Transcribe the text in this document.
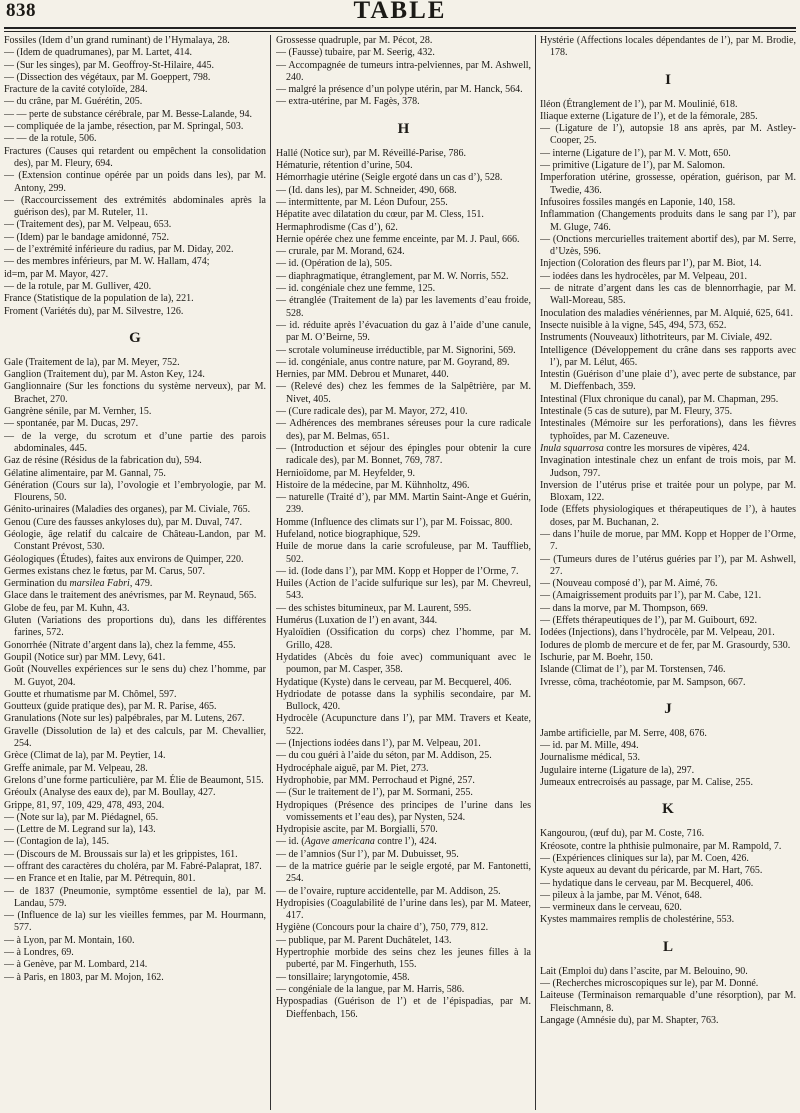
838	TABLE

Fossiles (Idem d’un grand ruminant) de l’Hymalaya, 28.

— (Idem de quadrumanes), par M. Lartet, 414.

— (Sur les singes), par M. Geoffroy-St-Hilaire, 445.

— (Dissection des végétaux, par M. Goeppert, 798.

Fracture de la cavité cotyloïde, 284.

— du crâne, par M. Guérétin, 205.

— — perte de substance cérébrale, par M. Besse-Lalande, 94.

— compliquée de la jambe, résection, par M. Springal, 503.

— — de la rotule, 506.

Fractures (Causes qui retardent ou empêchent la consolidation des), par M. Fleury, 694.

— (Extension continue opérée par un poids dans les), par M. Antony, 299.

— (Raccourcissement des extrémités abdominales après la guérison des), par M. Ruteler, 11.

— (Traitement des), par M. Velpeau, 653.

— (Idem) par le bandage amidonné, 752.

— de l’extrémité inférieure du radius, par M. Diday, 202.

— des membres inférieurs, par M. W. Hallam, 474;

id=m, par M. Mayor, 427.

— de la rotule, par M. Gulliver, 420.

France (Statistique de la population de la), 221.

Froment (Variétés du), par M. Silvestre, 126.

G

Gale (Traitement de la), par M. Meyer, 752.

Ganglion (Traitement du), par M. Aston Key, 124.

Ganglionnaire (Sur les fonctions du système nerveux), par M. Brachet, 270.

Gangrène sénile, par M. Vernher, 15.

— spontanée, par M. Ducas, 297.

— de la verge, du scrotum et d’une partie des parois abdominales, 445.

Gaz de résine (Résidus de la fabrication du), 594.

Gélatine alimentaire, par M. Gannal, 75.

Génération (Cours sur la), l’ovologie et l’embryologie, par M. Flourens, 50.

Génito-urinaires (Maladies des organes), par M. Civiale, 765.

Genou (Cure des fausses ankyloses du), par M. Duval, 747.

Géologie, âge relatif du calcaire de Château-Landon, par M. Constant Prévost, 530.

Géologiques (Études), faites aux environs de Quimper, 220.

Germes existans chez le fœtus, par M. Carus, 507.

Germination du marsilea Fabri, 479.

Glace dans le traitement des anévrismes, par M. Reynaud, 565.

Globe de feu, par M. Kuhn, 43.

Gluten (Variations des proportions du), dans les différentes farines, 572.

Gonorrhée (Nitrate d’argent dans la), chez la femme, 455.

Goupil (Notice sur) par MM. Levy, 641.

Goût (Nouvelles expériences sur le sens du) chez l’homme, par M. Guyot, 204.

Goutte et rhumatisme par M. Chômel, 597.

Goutteux (guide pratique des), par M. R. Parise, 465.

Granulations (Note sur les) palpébrales, par M. Lutens, 267.

Gravelle (Dissolution de la) et des calculs, par M. Chevallier, 254.

Grèce (Climat de la), par M. Peytier, 14.

Greffe animale, par M. Velpeau, 28.

Grelons d’une forme particulière, par M. Élie de Beaumont, 515.

Gréoulx (Analyse des eaux de), par M. Boullay, 427.

Grippe, 81, 97, 109, 429, 478, 493, 204.

— (Note sur la), par M. Piédagnel, 65.

— (Lettre de M. Legrand sur la), 143.

— (Contagion de la), 145.

— (Discours de M. Broussais sur la) et les grippistes, 161.

— offrant des caractères du choléra, par M. Fabré-Palaprat, 187.

— en France et en Italie, par M. Pétrequin, 801.

— de 1837 (Pneumonie, symptôme essentiel de la), par M. Landau, 579.

— (Influence de la) sur les vieilles femmes, par M. Hourmann, 577.

— à Lyon, par M. Montain, 160.

— à Londres, 69.

— à Genève, par M. Lombard, 214.

— à Paris, en 1803, par M. Mojon, 162.

Grossesse quadruple, par M. Pécot, 28.

— (Fausse) tubaire, par M. Seerig, 432.

— Accompagnée de tumeurs intra-pelviennes, par M. Ashwell, 240.

— malgré la présence d’un polype utérin, par M. Hanck, 564.

— extra-utérine, par M. Fagès, 378.

H

Hallé (Notice sur), par M. Réveillé-Parise, 786.

Hématurie, rétention d’urine, 504.

Hémorrhagie utérine (Seigle ergoté dans un cas d’), 528.

— (Id. dans les), par M. Schneider, 490, 668.

— intermittente, par M. Léon Dufour, 255.

Hépatite avec dilatation du cœur, par M. Cless, 151.

Hermaphrodisme (Cas d’), 62.

Hernie opérée chez une femme enceinte, par M. J. Paul, 666.

— crurale, par M. Morand, 624.

— id. (Opération de la), 505.

— diaphragmatique, étranglement, par M. W. Norris, 552.

— id. congéniale chez une femme, 125.

— étranglée (Traitement de la) par les lavements d’eau froide, 528.

— id. réduite après l’évacuation du gaz à l’aide d’une canule, par M. O’Beirne, 59.

— scrotale volumineuse irréductible, par M. Signorini, 569.

— id. congéniale, anus contre nature, par M. Goyrand, 89.

Hernies, par MM. Debrou et Munaret, 440.

— (Relevé des) chez les femmes de la Salpêtrière, par M. Nivet, 405.

— (Cure radicale des), par M. Mayor, 272, 410.

— Adhérences des membranes séreuses pour la cure radicale des), par M. Belmas, 651.

— (Introduction et séjour des épingles pour obtenir la cure radicale des), par M. Bonnet, 769, 787.

Hernioïdome, par M. Heyfelder, 9.

Histoire de la médecine, par M. Kühnholtz, 496.

— naturelle (Traité d’), par MM. Martin Saint-Ange et Guérin, 239.

Homme (Influence des climats sur l’), par M. Foissac, 800.

Hufeland, notice biographique, 529.

Huile de morue dans la carie scrofuleuse, par M. Taufflieb, 502.

— id. (Iode dans l’), par MM. Kopp et Hopper de l’Orme, 7.

Huiles (Action de l’acide sulfurique sur les), par M. Chevreul, 543.

— des schistes bitumineux, par M. Laurent, 595.

Humérus (Luxation de l’) en avant, 344.

Hyaloïdien (Ossification du corps) chez l’homme, par M. Grillo, 428.

Hydatides (Abcès du foie avec) communiquant avec le poumon, par M. Casper, 358.

Hydatique (Kyste) dans le cerveau, par M. Becquerel, 406.

Hydriodate de potasse dans la syphilis secondaire, par M. Bullock, 420.

Hydrocèle (Acupuncture dans l’), par MM. Travers et Keate, 522.

— (Injections iodées dans l’), par M. Velpeau, 201.

— du cou guéri à l’aide du séton, par M. Addison, 25.

Hydrocéphale aiguë, par M. Piet, 273.

Hydrophobie, par MM. Perrochaud et Pigné, 257.

— (Sur le traitement de l’), par M. Sormani, 255.

Hydropiques (Présence des principes de l’urine dans les vomissements et l’eau des), par Nysten, 524.

Hydropisie ascite, par M. Borgialli, 570.

— id. (Agave americana contre l’), 424.

— de l’amnios (Sur l’), par M. Dubuisset, 95.

— de la matrice guérie par le seigle ergoté, par M. Fantonetti, 254.

— de l’ovaire, rupture accidentelle, par M. Addison, 25.

Hydropisies (Coagulabilité de l’urine dans les), par M. Mateer, 417.

Hygiène (Concours pour la chaire d’), 750, 779, 812.

— publique, par M. Parent Duchâtelet, 143.

Hypertrophie morbide des seins chez les jeunes filles à la puberté, par M. Fingerhuth, 155.

— tonsillaire; laryngotomie, 458.

— congéniale de la langue, par M. Harris, 586.

Hypospadias (Guérison de l’) et de l’épispadias, par M. Dieffenbach, 156.

Hystérie (Affections locales dépendantes de l’), par M. Brodie, 178.

I

Iléon (Étranglement de l’), par M. Moulinié, 618.

Iliaque externe (Ligature de l’), et de la fémorale, 285.

— (Ligature de l’), autopsie 18 ans après, par M. Astley-Cooper, 25.

— interne (Ligature de l’), par M. V. Mott, 650.

— primitive (Ligature de l’), par M. Salomon.

Imperforation utérine, grossesse, opération, guérison, par M. Twedie, 436.

Infusoires fossiles mangés en Laponie, 140, 158.

Inflammation (Changements produits dans le sang par l’), par M. Gluge, 746.

— (Onctions mercurielles traitement abortif des), par M. Serre, d’Uzès, 596.

Injection (Coloration des fleurs par l’), par M. Biot, 14.

— iodées dans les hydrocèles, par M. Velpeau, 201.

— de nitrate d’argent dans les cas de blennorrhagie, par M. Wall-Moreau, 585.

Inoculation des maladies vénériennes, par M. Alquié, 625, 641.

Insecte nuisible à la vigne, 545, 494, 573, 652.

Instruments (Nouveaux) lithotriteurs, par M. Civiale, 492.

Intelligence (Développement du crâne dans ses rapports avec l’), par M. Lélut, 465.

Intestin (Guérison d’une plaie d’), avec perte de substance, par M. Dieffenbach, 359.

Intestinal (Flux chronique du canal), par M. Chapman, 295.

Intestinale (5 cas de suture), par M. Fleury, 375.

Intestinales (Mémoire sur les perforations), dans les fièvres typhoïdes, par M. Cazeneuve.

Inula squarrosa contre les morsures de vipères, 424.

Invagination intestinale chez un enfant de trois mois, par M. Judson, 797.

Inversion de l’utérus prise et traitée pour un polype, par M. Bloxam, 122.

Iode (Effets physiologiques et thérapeutiques de l’), à hautes doses, par M. Buchanan, 2.

— dans l’huile de morue, par MM. Kopp et Hopper de l’Orme, 7.

— (Tumeurs dures de l’utérus guéries par l’), par M. Ashwell, 27.

— (Nouveau composé d’), par M. Aimé, 76.

— (Amaigrissement produits par l’), par M. Cabe, 121.

— dans la morve, par M. Thompson, 669.

— (Effets thérapeutiques de l’), par M. Guibourt, 692.

Iodées (Injections), dans l’hydrocèle, par M. Velpeau, 201.

Iodures de plomb de mercure et de fer, par M. Grasourdy, 530.

Ischurie, par M. Boehr, 150.

Islande (Climat de l’), par M. Torstensen, 746.

Ivresse, côma, trachéotomie, par M. Sampson, 667.

J

Jambe artificielle, par M. Serre, 408, 676.

— id. par M. Mille, 494.

Journalisme médical, 53.

Jugulaire interne (Ligature de la), 297.

Jumeaux entrecroisés au passage, par M. Calise, 255.

K

Kangourou, (œuf du), par M. Coste, 716.

Kréosote, contre la phthisie pulmonaire, par M. Rampold, 7.

— (Expériences cliniques sur la), par M. Coen, 426.

Kyste aqueux au devant du péricarde, par M. Hart, 765.

— hydatique dans le cerveau, par M. Becquerel, 406.

— pileux à la jambe, par M. Vénot, 648.

— vermineux dans le cerveau, 620.

Kystes mammaires remplis de cholestérine, 553.

L

Lait (Emploi du) dans l’ascite, par M. Belouino, 90.

— (Recherches microscopiques sur le), par M. Donné.

Laiteuse (Terminaison remarquable d’une résorption), par M. Fleischmann, 8.

Langage (Amnésie du), par M. Shapter, 763.
